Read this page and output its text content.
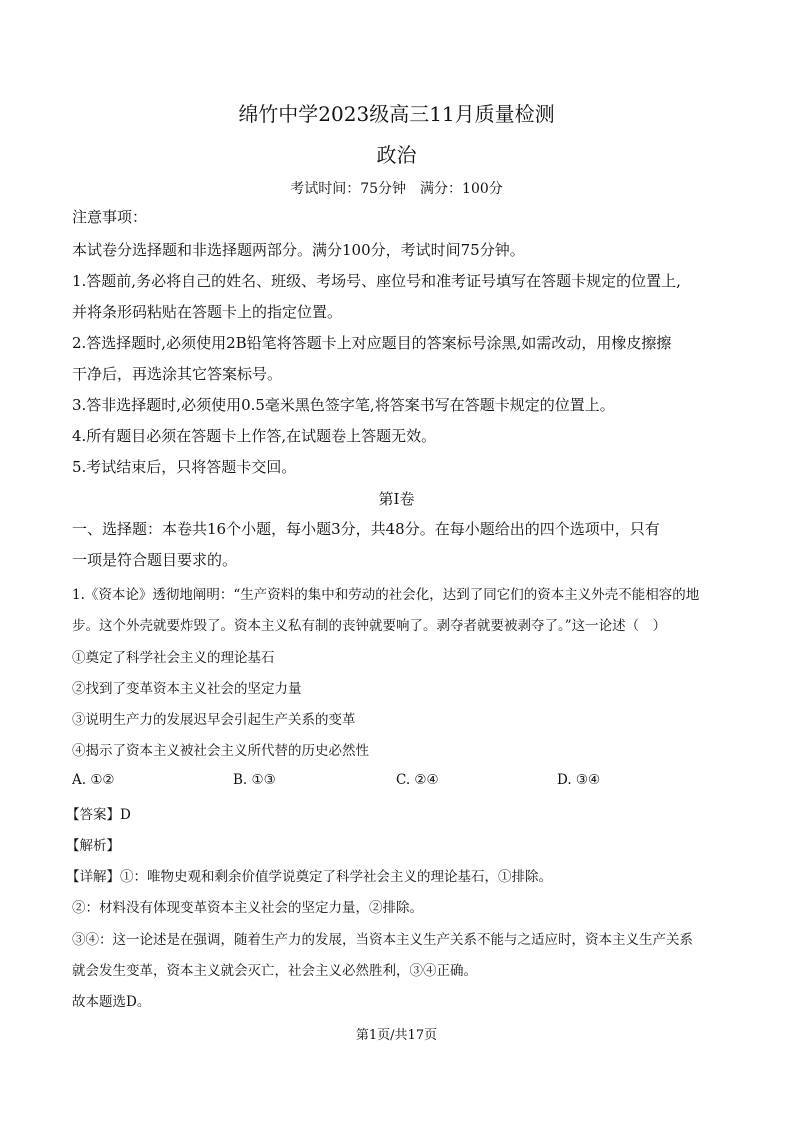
绵竹中学2023级高三11月质量检测
政治
考试时间：75分钟　满分：100分
注意事项：
本试卷分选择题和非选择题两部分。满分100分，考试时间75分钟。
1.答题前,务必将自己的姓名、班级、考场号、座位号和准考证号填写在答题卡规定的位置上,
并将条形码粘贴在答题卡上的指定位置。
2.答选择题时,必须使用2B铅笔将答题卡上对应题目的答案标号涂黑,如需改动，用橡皮擦擦
干净后，再选涂其它答案标号。
3.答非选择题时,必须使用0.5毫米黑色签字笔,将答案书写在答题卡规定的位置上。
4.所有题目必须在答题卡上作答,在试题卷上答题无效。
5.考试结束后，只将答题卡交回。
第Ⅰ卷
一、选择题：本卷共16个小题，每小题3分，共48分。在每小题给出的四个选项中，只有
一项是符合题目要求的。
1.《资本论》透彻地阐明：“生产资料的集中和劳动的社会化，达到了同它们的资本主义外壳不能相容的地
步。这个外壳就要炸毁了。资本主义私有制的丧钟就要响了。剥夺者就要被剥夺了。”这一论述（　）
①奠定了科学社会主义的理论基石
②找到了变革资本主义社会的坚定力量
③说明生产力的发展迟早会引起生产关系的变革
④揭示了资本主义被社会主义所代替的历史必然性
A. ①②	B. ①③	C. ②④	D. ③④
【答案】D
【解析】
【详解】①：唯物史观和剩余价值学说奠定了科学社会主义的理论基石，①排除。
②：材料没有体现变革资本主义社会的坚定力量，②排除。
③④：这一论述是在强调，随着生产力的发展，当资本主义生产关系不能与之适应时，资本主义生产关系
就会发生变革，资本主义就会灭亡，社会主义必然胜利，③④正确。
故本题选D。
第1页/共17页
